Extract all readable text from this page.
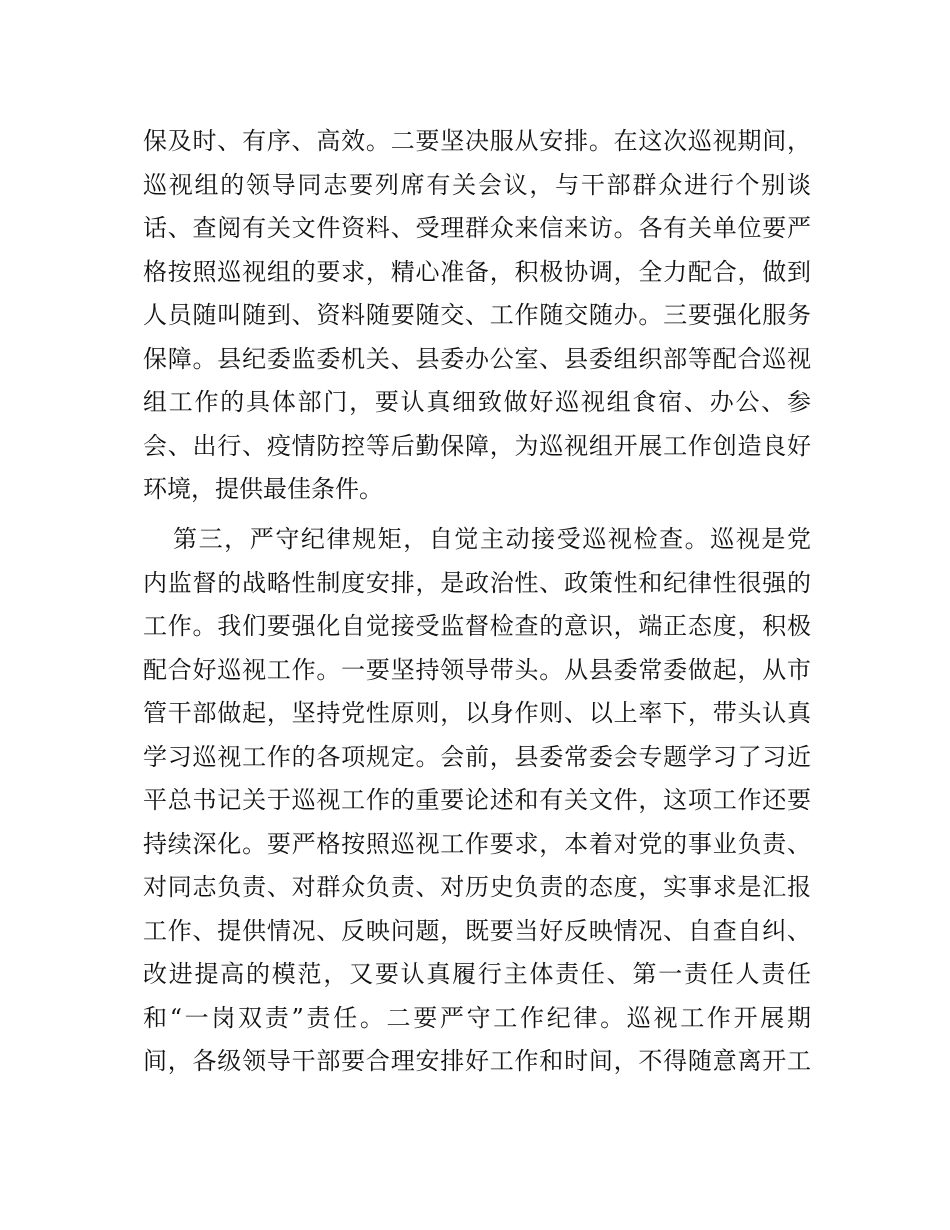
保及时、有序、高效。二要坚决服从安排。在这次巡视期间，
巡视组的领导同志要列席有关会议，与干部群众进行个别谈
话、查阅有关文件资料、受理群众来信来访。各有关单位要严
格按照巡视组的要求，精心准备，积极协调，全力配合，做到
人员随叫随到、资料随要随交、工作随交随办。三要强化服务
保障。县纪委监委机关、县委办公室、县委组织部等配合巡视
组工作的具体部门，要认真细致做好巡视组食宿、办公、参
会、出行、疫情防控等后勤保障，为巡视组开展工作创造良好
环境，提供最佳条件。
第三，严守纪律规矩，自觉主动接受巡视检查。巡视是党
内监督的战略性制度安排，是政治性、政策性和纪律性很强的
工作。我们要强化自觉接受监督检查的意识，端正态度，积极
配合好巡视工作。一要坚持领导带头。从县委常委做起，从市
管干部做起，坚持党性原则，以身作则、以上率下，带头认真
学习巡视工作的各项规定。会前，县委常委会专题学习了习近
平总书记关于巡视工作的重要论述和有关文件，这项工作还要
持续深化。要严格按照巡视工作要求，本着对党的事业负责、
对同志负责、对群众负责、对历史负责的态度，实事求是汇报
工作、提供情况、反映问题，既要当好反映情况、自查自纠、
改进提高的模范，又要认真履行主体责任、第一责任人责任
和“一岗双责”责任。二要严守工作纪律。巡视工作开展期
间，各级领导干部要合理安排好工作和时间，不得随意离开工
